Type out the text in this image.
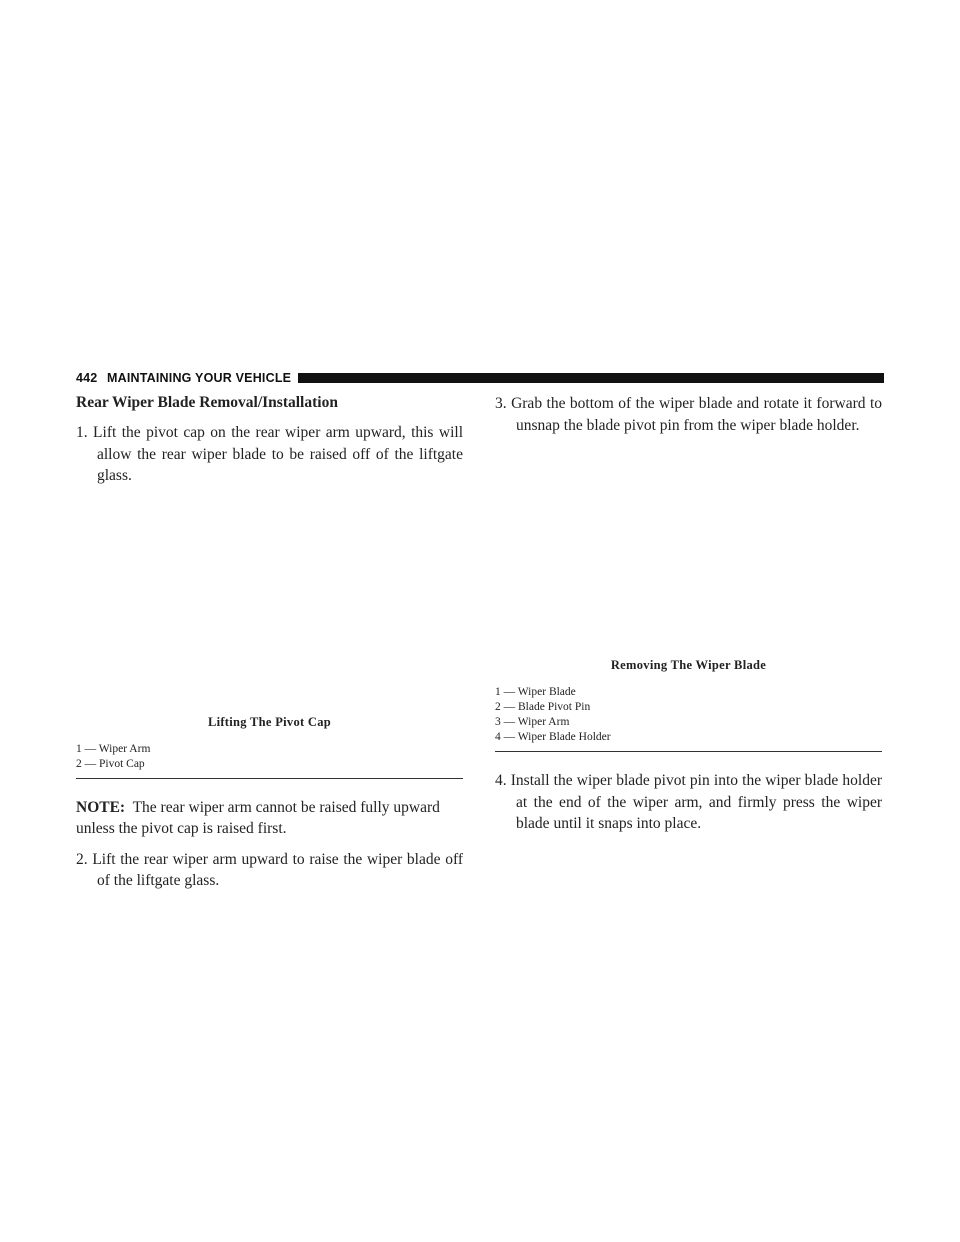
442 MAINTAINING YOUR VEHICLE

Rear Wiper Blade Removal/Installation

1. Lift the pivot cap on the rear wiper arm upward, this will allow the rear wiper blade to be raised off of the liftgate glass.

Lifting The Pivot Cap

1 — Wiper Arm
2 — Pivot Cap

NOTE: The rear wiper arm cannot be raised fully upward unless the pivot cap is raised first.

2. Lift the rear wiper arm upward to raise the wiper blade off of the liftgate glass.

3. Grab the bottom of the wiper blade and rotate it forward to unsnap the blade pivot pin from the wiper blade holder.

Removing The Wiper Blade

1 — Wiper Blade
2 — Blade Pivot Pin
3 — Wiper Arm
4 — Wiper Blade Holder

4. Install the wiper blade pivot pin into the wiper blade holder at the end of the wiper arm, and firmly press the wiper blade until it snaps into place.
